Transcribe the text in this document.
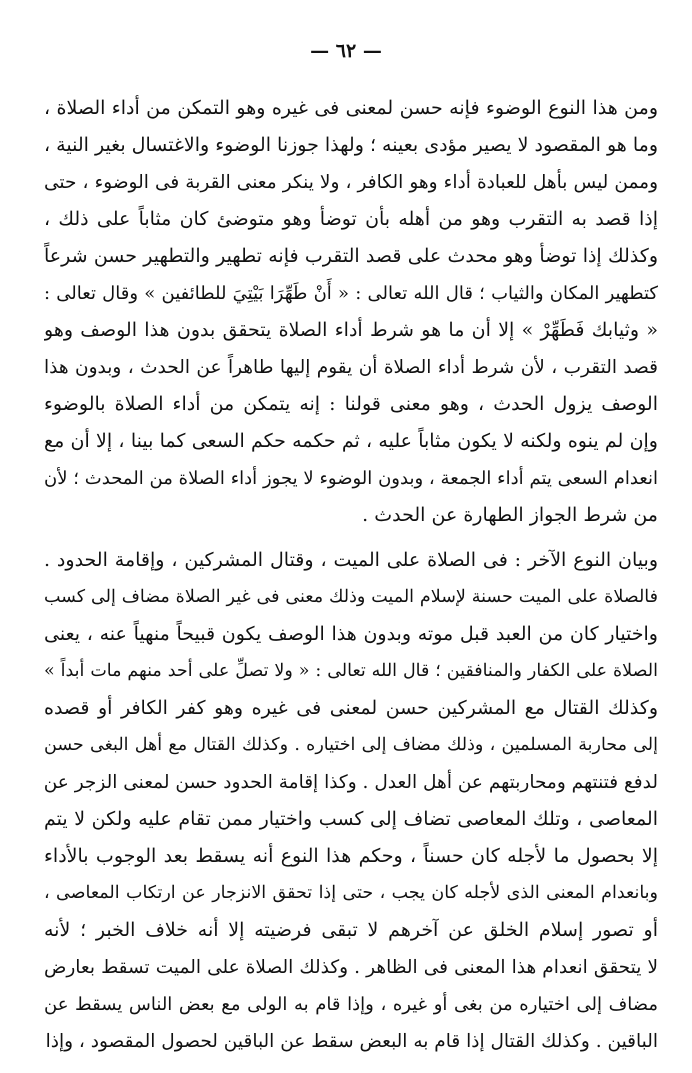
— ٦٢ —
ومن هذا النوع الوضوء فإنه حسن لمعنى فى غيره وهو التمكن من أداء الصلاة ،
وما هو المقصود لا يصير مؤدى بعينه ؛ ولهذا جوزنا الوضوء والاغتسال بغير النية ،
وممن ليس بأهل للعبادة أداء وهو الكافر ، ولا ينكر معنى القربة فى الوضوء ، حتى
إذا قصد به التقرب وهو من أهله بأن توضأ وهو متوضئ كان مثاباً على ذلك ،
وكذلك إذا توضأ وهو محدث على قصد التقرب فإنه تطهير والتطهير حسن شرعاً
كتطهير المكان والثياب ؛ قال الله تعالى : « أَنْ طَهِّرَا بَيْتِيَ للطائفين » وقال تعالى :
« وثيابك فَطَهِّرْ » إلا أن ما هو شرط أداء الصلاة يتحقق بدون هذا الوصف وهو
قصد التقرب ، لأن شرط أداء الصلاة أن يقوم إليها طاهراً عن الحدث ، وبدون هذا
الوصف يزول الحدث ، وهو معنى قولنا : إنه يتمكن من أداء الصلاة بالوضوء
وإن لم ينوه ولكنه لا يكون مثاباً عليه ، ثم حكمه حكم السعى كما بينا ، إلا أن مع
انعدام السعى يتم أداء الجمعة ، وبدون الوضوء لا يجوز أداء الصلاة من المحدث ؛ لأن
من شرط الجواز الطهارة عن الحدث .
وبيان النوع الآخر : فى الصلاة على الميت ، وقتال المشركين ، وإقامة الحدود .
فالصلاة على الميت حسنة لإسلام الميت وذلك معنى فى غير الصلاة مضاف إلى كسب
واختيار كان من العبد قبل موته وبدون هذا الوصف يكون قبيحاً منهياً عنه ، يعنى
الصلاة على الكفار والمنافقين ؛ قال الله تعالى : « ولا تصلِّ على أحد منهم مات أبداً »
وكذلك القتال مع المشركين حسن لمعنى فى غيره وهو كفر الكافر أو قصده
إلى محاربة المسلمين ، وذلك مضاف إلى اختياره . وكذلك القتال مع أهل البغى حسن
لدفع فتنتهم ومحاربتهم عن أهل العدل . وكذا إقامة الحدود حسن لمعنى الزجر عن
المعاصى ، وتلك المعاصى تضاف إلى كسب واختيار ممن تقام عليه ولكن لا يتم
إلا بحصول ما لأجله كان حسناً ، وحكم هذا النوع أنه يسقط بعد الوجوب بالأداء
وبانعدام المعنى الذى لأجله كان يجب ، حتى إذا تحقق الانزجار عن ارتكاب المعاصى ،
أو تصور إسلام الخلق عن آخرهم لا تبقى فرضيته إلا أنه خلاف الخبر ؛ لأنه
لا يتحقق انعدام هذا المعنى فى الظاهر . وكذلك الصلاة على الميت تسقط بعارض
مضاف إلى اختياره من بغى أو غيره ، وإذا قام به الولى مع بعض الناس يسقط عن
الباقين . وكذلك القتال إذا قام به البعض سقط عن الباقين لحصول المقصود ، وإذا
